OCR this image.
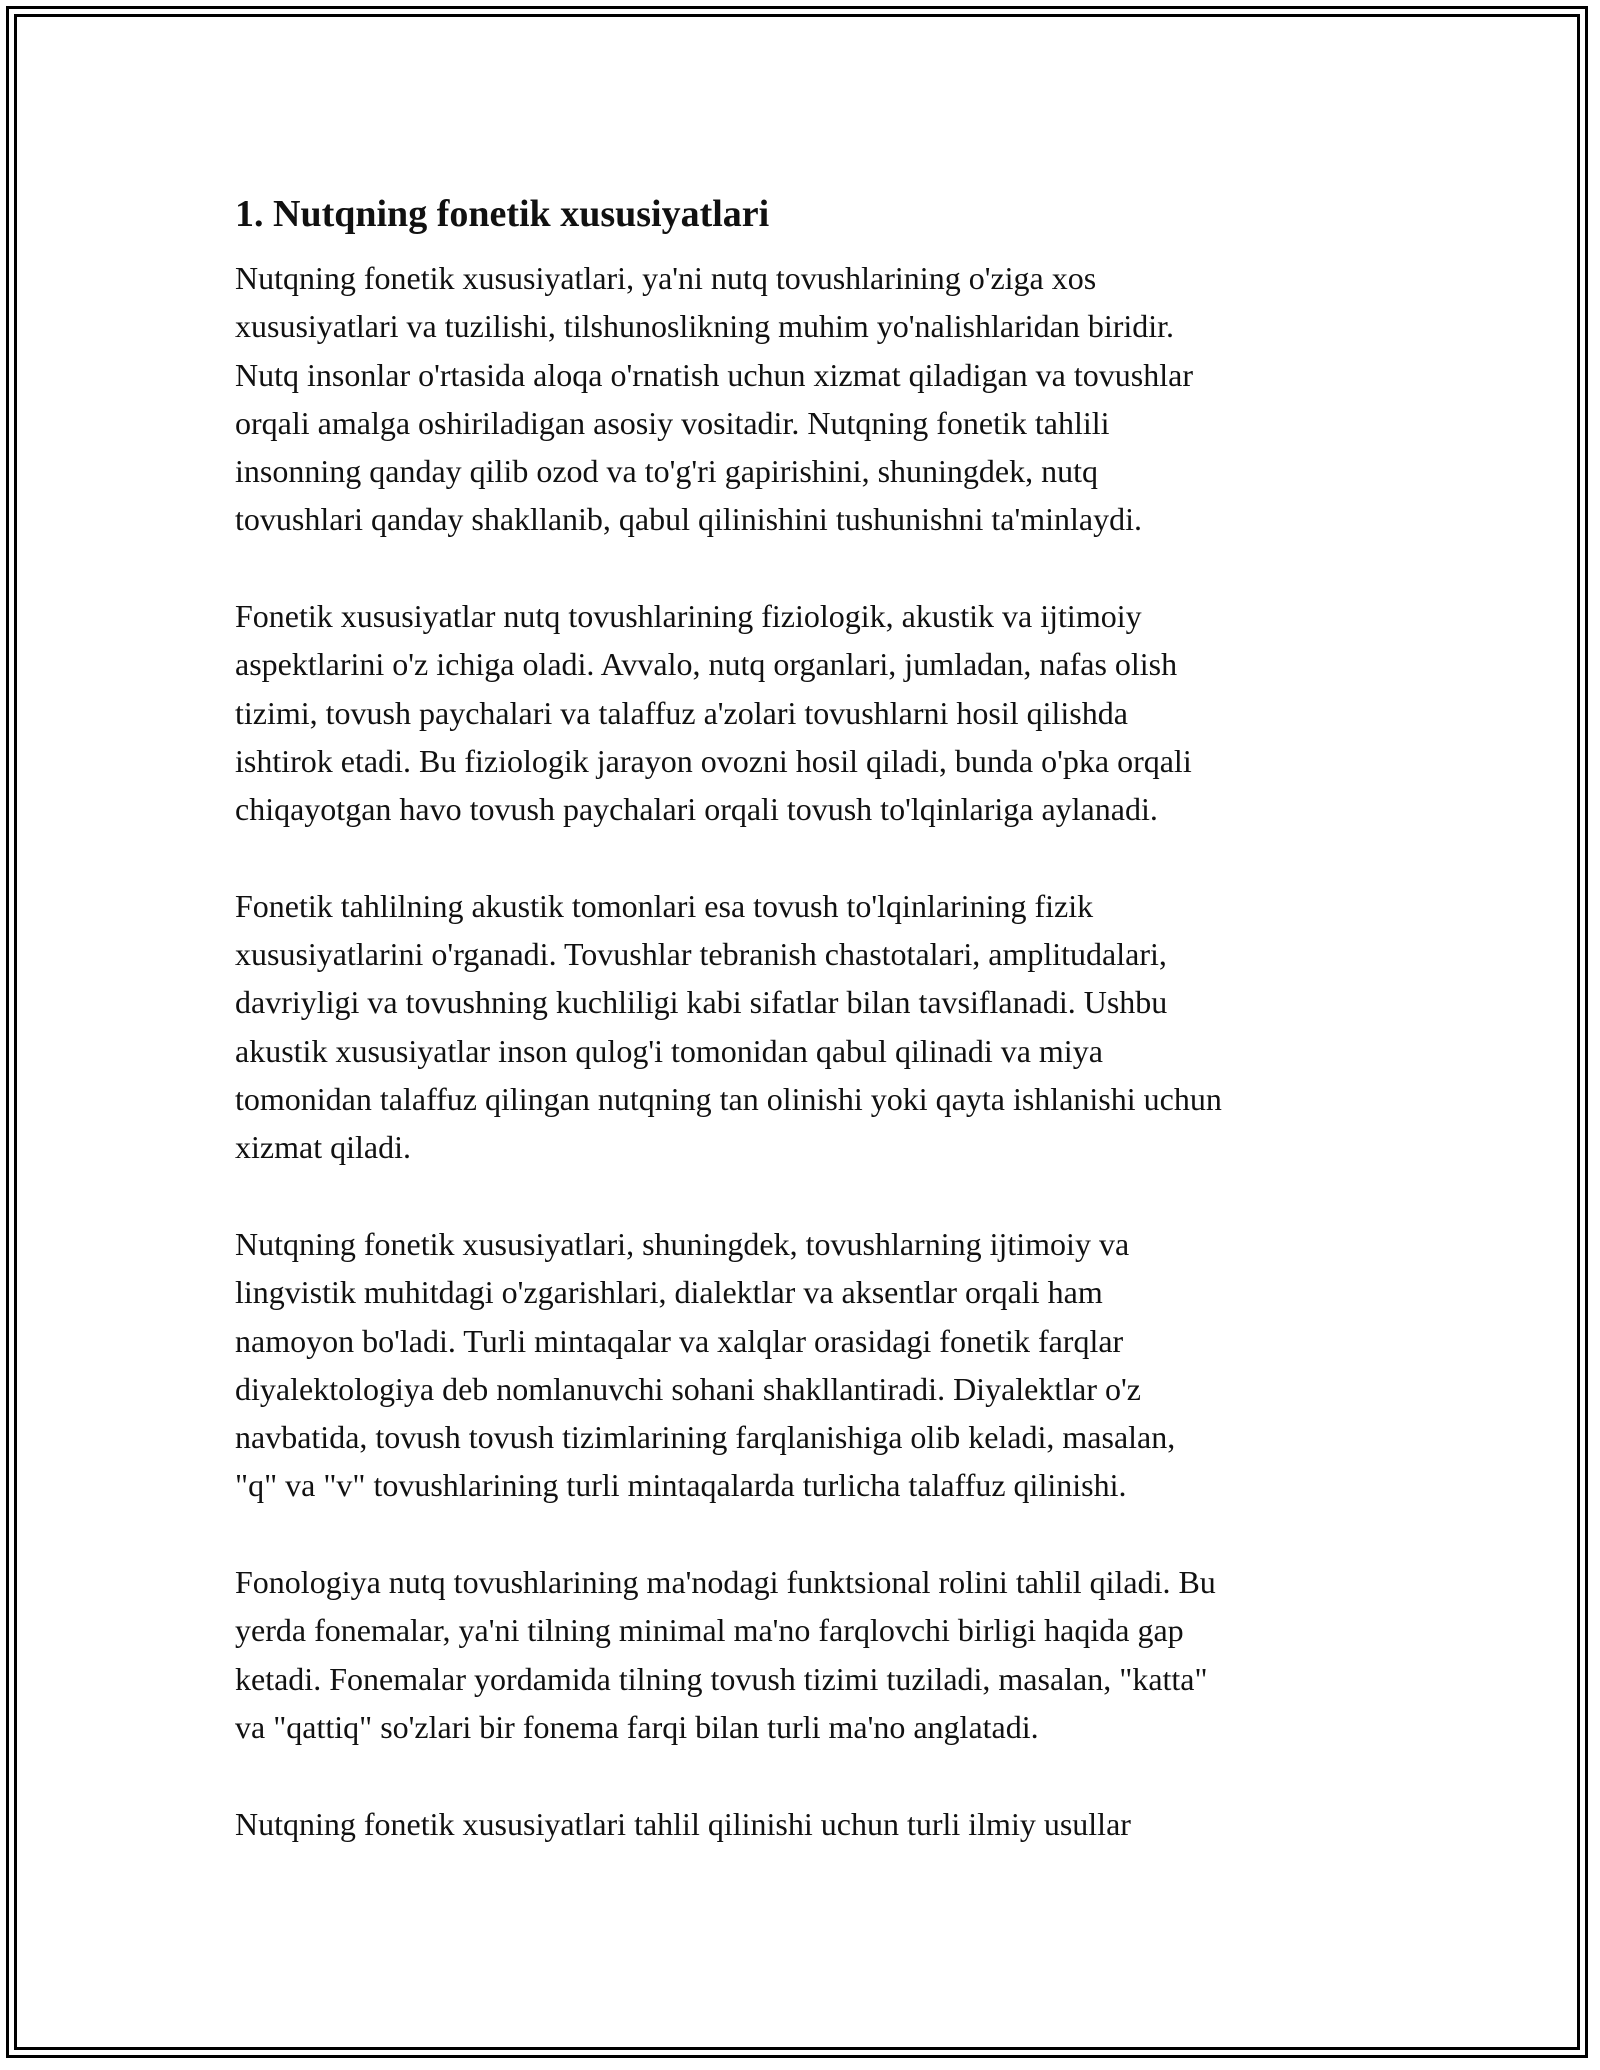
1. Nutqning fonetik xususiyatlari

Nutqning fonetik xususiyatlari, ya'ni nutq tovushlarining o'ziga xos
xususiyatlari va tuzilishi, tilshunoslikning muhim yo'nalishlaridan biridir.
Nutq insonlar o'rtasida aloqa o'rnatish uchun xizmat qiladigan va tovushlar
orqali amalga oshiriladigan asosiy vositadir. Nutqning fonetik tahlili
insonning qanday qilib ozod va to'g'ri gapirishini, shuningdek, nutq
tovushlari qanday shakllanib, qabul qilinishini tushunishni ta'minlaydi.

Fonetik xususiyatlar nutq tovushlarining fiziologik, akustik va ijtimoiy
aspektlarini o'z ichiga oladi. Avvalo, nutq organlari, jumladan, nafas olish
tizimi, tovush paychalari va talaffuz a'zolari tovushlarni hosil qilishda
ishtirok etadi. Bu fiziologik jarayon ovozni hosil qiladi, bunda o'pka orqali
chiqayotgan havo tovush paychalari orqali tovush to'lqinlariga aylanadi.

Fonetik tahlilning akustik tomonlari esa tovush to'lqinlarining fizik
xususiyatlarini o'rganadi. Tovushlar tebranish chastotalari, amplitudalari,
davriyligi va tovushning kuchliligi kabi sifatlar bilan tavsiflanadi. Ushbu
akustik xususiyatlar inson qulog'i tomonidan qabul qilinadi va miya
tomonidan talaffuz qilingan nutqning tan olinishi yoki qayta ishlanishi uchun
xizmat qiladi.

Nutqning fonetik xususiyatlari, shuningdek, tovushlarning ijtimoiy va
lingvistik muhitdagi o'zgarishlari, dialektlar va aksentlar orqali ham
namoyon bo'ladi. Turli mintaqalar va xalqlar orasidagi fonetik farqlar
diyalektologiya deb nomlanuvchi sohani shakllantiradi. Diyalektlar o'z
navbatida, tovush tovush tizimlarining farqlanishiga olib keladi, masalan,
"q" va "v" tovushlarining turli mintaqalarda turlicha talaffuz qilinishi.

Fonologiya nutq tovushlarining ma'nodagi funktsional rolini tahlil qiladi. Bu
yerda fonemalar, ya'ni tilning minimal ma'no farqlovchi birligi haqida gap
ketadi. Fonemalar yordamida tilning tovush tizimi tuziladi, masalan, "katta"
va "qattiq" so'zlari bir fonema farqi bilan turli ma'no anglatadi.

Nutqning fonetik xususiyatlari tahlil qilinishi uchun turli ilmiy usullar
